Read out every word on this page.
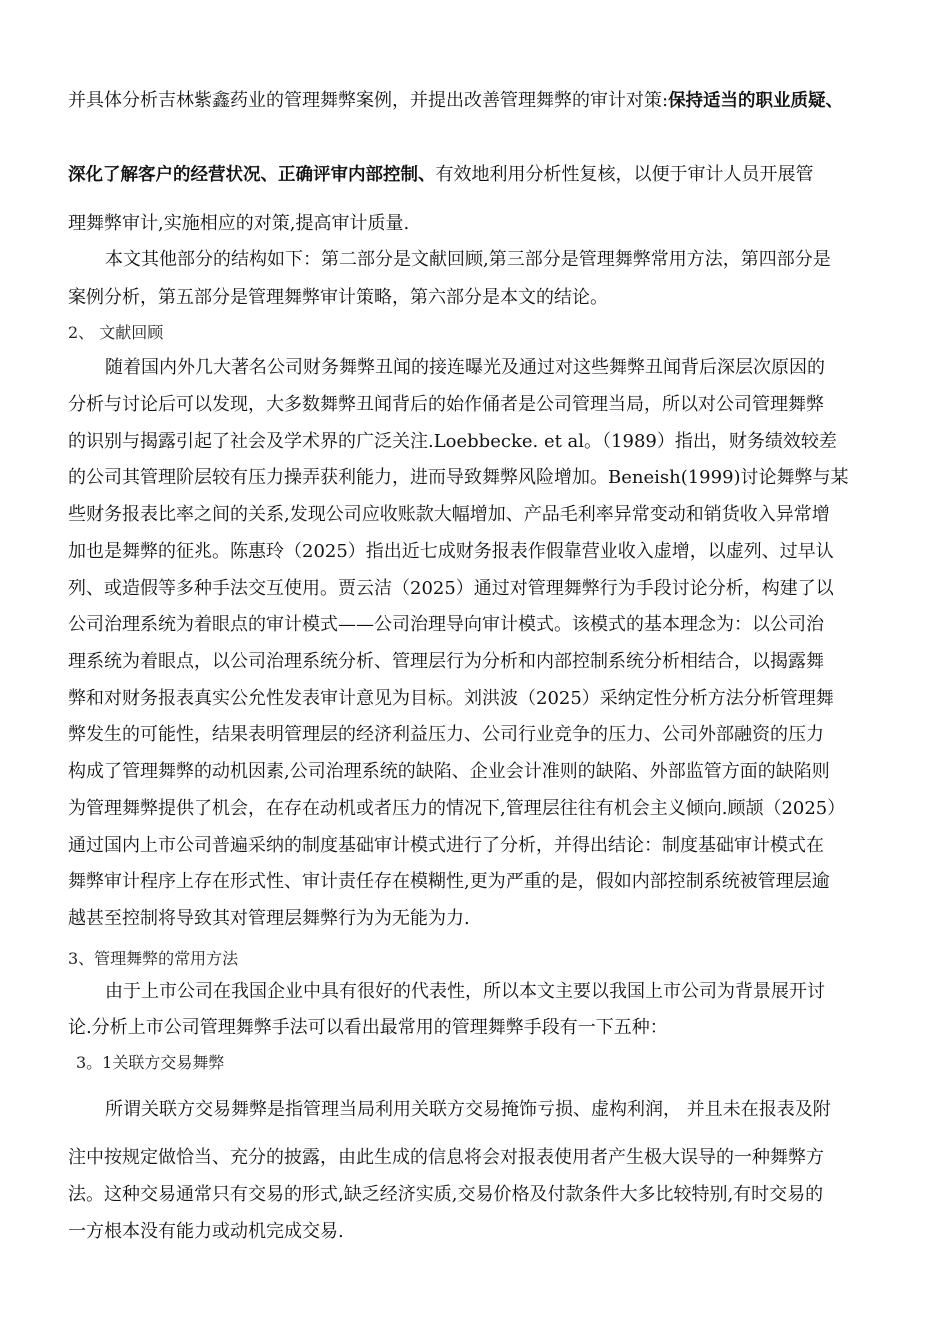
并具体分析吉林紫鑫药业的管理舞弊案例，并提出改善管理舞弊的审计对策:保持适当的职业质疑、
深化了解客户的经营状况、正确评审内部控制、有效地利用分析性复核，以便于审计人员开展管
理舞弊审计,实施相应的对策,提高审计质量.
本文其他部分的结构如下：第二部分是文献回顾,第三部分是管理舞弊常用方法，第四部分是
案例分析，第五部分是管理舞弊审计策略，第六部分是本文的结论。
2、 文献回顾
随着国内外几大著名公司财务舞弊丑闻的接连曝光及通过对这些舞弊丑闻背后深层次原因的
分析与讨论后可以发现，大多数舞弊丑闻背后的始作俑者是公司管理当局，所以对公司管理舞弊
的识别与揭露引起了社会及学术界的广泛关注.Loebbecke. et al。（1989）指出，财务绩效较差
的公司其管理阶层较有压力操弄获利能力，进而导致舞弊风险增加。Beneish(1999)讨论舞弊与某
些财务报表比率之间的关系,发现公司应收账款大幅增加、产品毛利率异常变动和销货收入异常增
加也是舞弊的征兆。陈惠玲（2025）指出近七成财务报表作假靠营业收入虚增，以虚列、过早认
列、或造假等多种手法交互使用。贾云洁（2025）通过对管理舞弊行为手段讨论分析，构建了以
公司治理系统为着眼点的审计模式——公司治理导向审计模式。该模式的基本理念为：以公司治
理系统为着眼点，以公司治理系统分析、管理层行为分析和内部控制系统分析相结合，以揭露舞
弊和对财务报表真实公允性发表审计意见为目标。刘洪波（2025）采纳定性分析方法分析管理舞
弊发生的可能性，结果表明管理层的经济利益压力、公司行业竞争的压力、公司外部融资的压力
构成了管理舞弊的动机因素,公司治理系统的缺陷、企业会计准则的缺陷、外部监管方面的缺陷则
为管理舞弊提供了机会，在存在动机或者压力的情况下,管理层往往有机会主义倾向.顾颉（2025）
通过国内上市公司普遍采纳的制度基础审计模式进行了分析，并得出结论：制度基础审计模式在
舞弊审计程序上存在形式性、审计责任存在模糊性,更为严重的是，假如内部控制系统被管理层逾
越甚至控制将导致其对管理层舞弊行为为无能为力.
3、管理舞弊的常用方法
由于上市公司在我国企业中具有很好的代表性，所以本文主要以我国上市公司为背景展开讨
论.分析上市公司管理舞弊手法可以看出最常用的管理舞弊手段有一下五种：
3。1关联方交易舞弊
所谓关联方交易舞弊是指管理当局利用关联方交易掩饰亏损、虚构利润， 并且未在报表及附
注中按规定做恰当、充分的披露，由此生成的信息将会对报表使用者产生极大误导的一种舞弊方
法。这种交易通常只有交易的形式,缺乏经济实质,交易价格及付款条件大多比较特别,有时交易的
一方根本没有能力或动机完成交易.
